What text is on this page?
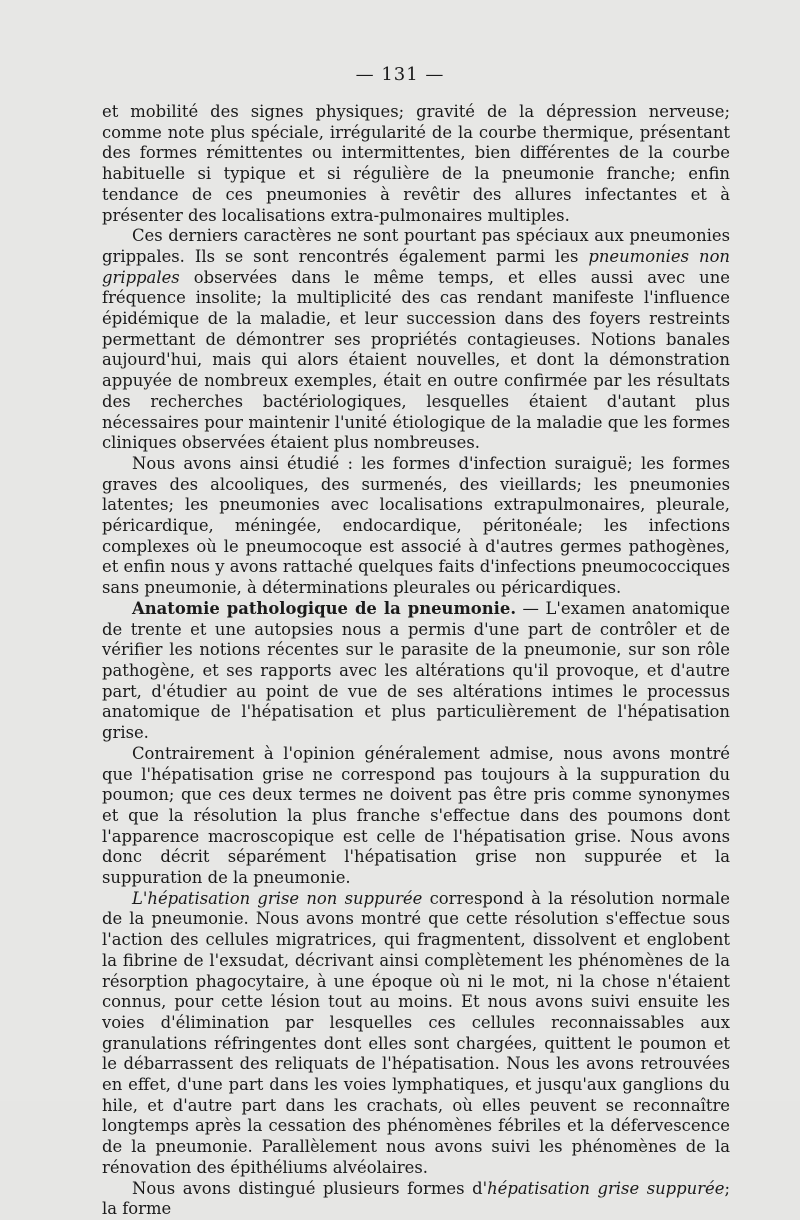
— 131 —

et mobilité des signes physiques; gravité de la dépression nerveuse; comme note plus spéciale, irrégularité de la courbe thermique, présentant des formes rémittentes ou intermittentes, bien différentes de la courbe habituelle si typique et si régulière de la pneumonie franche; enfin tendance de ces pneumonies à revêtir des allures infectantes et à présenter des localisations extra-pulmonaires multiples.

Ces derniers caractères ne sont pourtant pas spéciaux aux pneumonies grippales. Ils se sont rencontrés également parmi les pneumonies non grippales observées dans le même temps, et elles aussi avec une fréquence insolite; la multiplicité des cas rendant manifeste l'influence épidémique de la maladie, et leur succession dans des foyers restreints permettant de démontrer ses propriétés contagieuses. Notions banales aujourd'hui, mais qui alors étaient nouvelles, et dont la démonstration appuyée de nombreux exemples, était en outre confirmée par les résultats des recherches bactériologiques, lesquelles étaient d'autant plus nécessaires pour maintenir l'unité étiologique de la maladie que les formes cliniques observées étaient plus nombreuses.

Nous avons ainsi étudié : les formes d'infection suraiguë; les formes graves des alcooliques, des surmenés, des vieillards; les pneumonies latentes; les pneumonies avec localisations extrapulmonaires, pleurale, péricardique, méningée, endocardique, péritonéale; les infections complexes où le pneumocoque est associé à d'autres germes pathogènes, et enfin nous y avons rattaché quelques faits d'infections pneumococciques sans pneumonie, à déterminations pleurales ou péricardiques.

Anatomie pathologique de la pneumonie. — L'examen anatomique de trente et une autopsies nous a permis d'une part de contrôler et de vérifier les notions récentes sur le parasite de la pneumonie, sur son rôle pathogène, et ses rapports avec les altérations qu'il provoque, et d'autre part, d'étudier au point de vue de ses altérations intimes le processus anatomique de l'hépatisation et plus particulièrement de l'hépatisation grise.

Contrairement à l'opinion généralement admise, nous avons montré que l'hépatisation grise ne correspond pas toujours à la suppuration du poumon; que ces deux termes ne doivent pas être pris comme synonymes et que la résolution la plus franche s'effectue dans des poumons dont l'apparence macroscopique est celle de l'hépatisation grise. Nous avons donc décrit séparément l'hépatisation grise non suppurée et la suppuration de la pneumonie.

L'hépatisation grise non suppurée correspond à la résolution normale de la pneumonie. Nous avons montré que cette résolution s'effectue sous l'action des cellules migratrices, qui fragmentent, dissolvent et englobent la fibrine de l'exsudat, décrivant ainsi complètement les phénomènes de la résorption phagocytaire, à une époque où ni le mot, ni la chose n'étaient connus, pour cette lésion tout au moins. Et nous avons suivi ensuite les voies d'élimination par lesquelles ces cellules reconnaissables aux granulations réfringentes dont elles sont chargées, quittent le poumon et le débarrassent des reliquats de l'hépatisation. Nous les avons retrouvées en effet, d'une part dans les voies lymphatiques, et jusqu'aux ganglions du hile, et d'autre part dans les crachats, où elles peuvent se reconnaître longtemps après la cessation des phénomènes fébriles et la défervescence de la pneumonie. Parallèlement nous avons suivi les phénomènes de la rénovation des épithéliums alvéolaires.

Nous avons distingué plusieurs formes d'hépatisation grise suppurée; la forme
